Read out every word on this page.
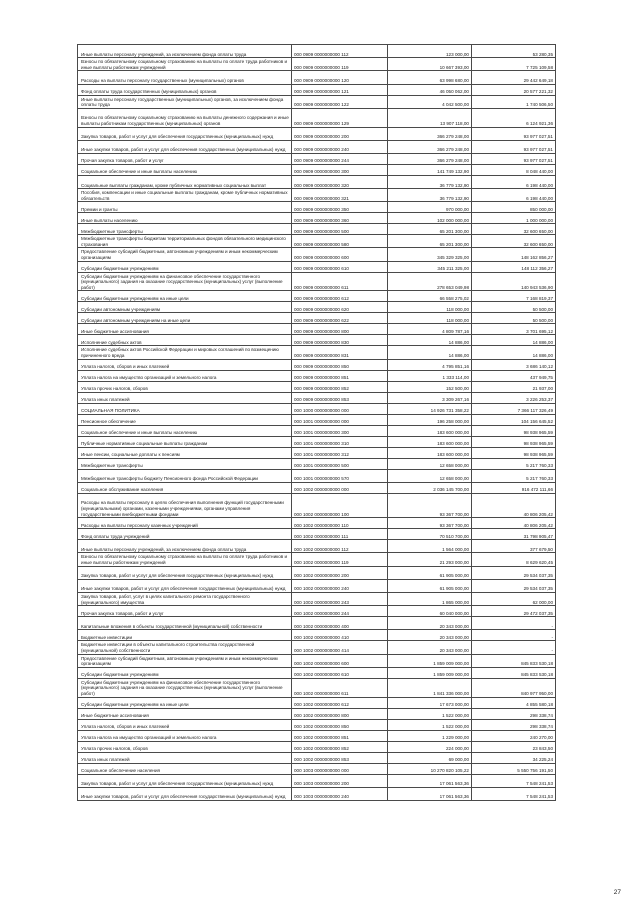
Иные выплаты персоналу учреждений, за исключением фонда оплаты труда	000 0909 0000000000 112	123 000,00	53 280,35
Взносы по обязательному социальному страхованию на выплаты по оплате труда работников и иные выплаты работникам учреждений	000 0909 0000000000 119	10 667 393,00	7 725 109,58
Расходы на выплаты персоналу государственных (муниципальных) органов	000 0909 0000000000 120	63 998 680,00	29 442 649,18
Фонд оплаты труда государственных (муниципальных) органов	000 0909 0000000000 121	46 050 062,00	20 577 221,32
Иные выплаты персоналу государственных (муниципальных) органов, за исключением фонда оплаты труда	000 0909 0000000000 122	4 042 500,00	1 740 506,50
Взносы по обязательному социальному страхованию на выплаты денежного содержания и иные выплаты работникам государственных (муниципальных) органов	000 0909 0000000000 129	13 907 118,00	6 124 921,36
Закупка товаров, работ и услуг для обеспечения государственных (муниципальных) нужд	000 0909 0000000000 200	366 279 248,00	93 977 027,51
Иные закупки товаров, работ и услуг для обеспечения государственных (муниципальных) нужд	000 0909 0000000000 240	366 279 248,00	93 977 027,51
Прочая закупка товаров, работ и услуг	000 0909 0000000000 244	366 279 248,00	93 977 027,51
Социальное обеспечение и иные выплаты населению	000 0909 0000000000 300	141 749 132,90	8 048 440,00
Социальные выплаты гражданам, кроме публичных нормативных социальных выплат	000 0909 0000000000 320	36 779 132,90	6 198 440,00
Пособия, компенсации и иные социальные выплаты гражданам, кроме публичных нормативных обязательств	000 0909 0000000000 321	36 779 132,90	6 198 440,00
Премии и гранты	000 0909 0000000000 350	970 000,00	850 000,00
Иные выплаты населению	000 0909 0000000000 360	102 000 000,00	1 000 000,00
Межбюджетные трансферты	000 0909 0000000000 500	65 201 300,00	32 600 650,00
Межбюджетные трансферты бюджетам территориальных фондов обязательного медицинского страхования	000 0909 0000000000 580	65 201 300,00	32 600 650,00
Предоставление субсидий бюджетным, автономным учреждениям и иным некоммерческим организациям	000 0909 0000000000 600	345 329 325,00	148 162 856,27
Субсидии бюджетным учреждениям	000 0909 0000000000 610	345 211 325,00	148 112 356,27
Субсидии бюджетным учреждениям на финансовое обеспечение государственного (муниципального) задания на оказание государственных (муниципальных) услуг (выполнение работ)	000 0909 0000000000 611	278 653 049,98	140 943 536,90
Субсидии бюджетным учреждениям на иные цели	000 0909 0000000000 612	66 558 275,02	7 168 819,37
Субсидии автономным учреждениям	000 0909 0000000000 620	118 000,00	50 500,00
Субсидии автономным учреждениям на иные цели	000 0909 0000000000 622	118 000,00	50 500,00
Иные бюджетные ассигнования	000 0909 0000000000 800	4 809 787,16	3 701 695,12
Исполнение судебных актов	000 0909 0000000000 830	14 886,00	14 886,00
Исполнение судебных актов Российской Федерации и мировых соглашений по возмещению причиненного вреда	000 0909 0000000000 831	14 886,00	14 886,00
Уплата налогов, сборов и иных платежей	000 0909 0000000000 850	4 795 851,16	3 686 140,12
Уплата налога на имущество организаций и земельного налога	000 0909 0000000000 851	1 333 114,00	437 949,75
Уплата прочих налогов, сборов	000 0909 0000000000 852	152 500,00	21 937,00
Уплата иных платежей	000 0909 0000000000 853	3 309 267,16	3 226 253,37
СОЦИАЛЬНАЯ ПОЛИТИКА	000 1000 0000000000 000	14 926 731 358,22	7 366 117 326,49
Пенсионное обеспечение	000 1001 0000000000 000	196 258 000,00	104 156 645,52
Социальное обеспечение и иные выплаты населению	000 1001 0000000000 300	183 600 000,00	98 938 965,59
Публичные нормативные социальные выплаты гражданам	000 1001 0000000000 310	183 600 000,00	98 938 965,59
Иные пенсии, социальные доплаты к пенсиям	000 1001 0000000000 312	183 600 000,00	98 938 965,59
Межбюджетные трансферты	000 1001 0000000000 500	12 658 000,00	5 217 760,33
Межбюджетные трансферты бюджету Пенсионного фонда Российской Федерации	000 1001 0000000000 570	12 658 000,00	5 217 760,33
Социальное обслуживание населения	000 1002 0000000000 000	2 036 145 700,00	916 472 111,66
Расходы на выплаты персоналу в целях обеспечения выполнения функций государственными (муниципальными) органами, казенными учреждениями, органами управления государственными внебюджетными фондами	000 1002 0000000000 100	93 367 700,00	40 806 205,42
Расходы на выплаты персоналу казенных учреждений	000 1002 0000000000 110	93 367 700,00	40 806 205,42
Фонд оплаты труда учреждений	000 1002 0000000000 111	70 510 700,00	31 798 905,47
Иные выплаты персоналу учреждений, за исключением фонда оплаты труда	000 1002 0000000000 112	1 564 000,00	377 679,50
Взносы по обязательному социальному страхованию на выплаты по оплате труда работников и иные выплаты работникам учреждений	000 1002 0000000000 119	21 293 000,00	8 629 620,45
Закупка товаров, работ и услуг для обеспечения государственных (муниципальных) нужд	000 1002 0000000000 200	61 905 000,00	29 534 037,35
Иные закупки товаров, работ и услуг для обеспечения государственных (муниципальных) нужд	000 1002 0000000000 240	61 905 000,00	29 534 037,35
Закупка товаров, работ, услуг в целях капитального ремонта государственного (муниципального) имущества	000 1002 0000000000 243	1 865 000,00	62 000,00
Прочая закупка товаров, работ и услуг	000 1002 0000000000 244	60 040 000,00	29 472 037,35
Капитальные вложения в объекты государственной (муниципальной) собственности	000 1002 0000000000 400	20 343 000,00	-
Бюджетные инвестиции	000 1002 0000000000 410	20 343 000,00	-
Бюджетные инвестиции в объекты капитального строительства государственной (муниципальной) собственности	000 1002 0000000000 414	20 343 000,00	-
Предоставление субсидий бюджетным, автономным учреждениям и иным некоммерческим организациям	000 1002 0000000000 600	1 859 009 000,00	845 833 530,18
Субсидии бюджетным учреждениям	000 1002 0000000000 610	1 859 009 000,00	845 833 530,18
Субсидии бюджетным учреждениям на финансовое обеспечение государственного (муниципального) задания на оказание государственных (муниципальных) услуг (выполнение работ)	000 1002 0000000000 611	1 841 336 000,00	840 977 950,00
Субсидии бюджетным учреждениям на иные цели	000 1002 0000000000 612	17 673 000,00	4 855 580,18
Иные бюджетные ассигнования	000 1002 0000000000 800	1 522 000,00	298 338,74
Уплата налогов, сборов и иных платежей	000 1002 0000000000 850	1 522 000,00	298 338,74
Уплата налога на имущество организаций и земельного налога	000 1002 0000000000 851	1 229 000,00	240 270,00
Уплата прочих налогов, сборов	000 1002 0000000000 852	224 000,00	23 843,50
Уплата иных платежей	000 1002 0000000000 853	69 000,00	34 225,24
Социальное обеспечение населения	000 1003 0000000000 000	10 270 820 105,22	5 550 756 191,50
Закупка товаров, работ и услуг для обеспечения государственных (муниципальных) нужд	000 1003 0000000000 200	17 061 563,36	7 548 241,53
Иные закупки товаров, работ и услуг для обеспечения государственных (муниципальных) нужд	000 1003 0000000000 240	17 061 563,36	7 548 241,53
27
